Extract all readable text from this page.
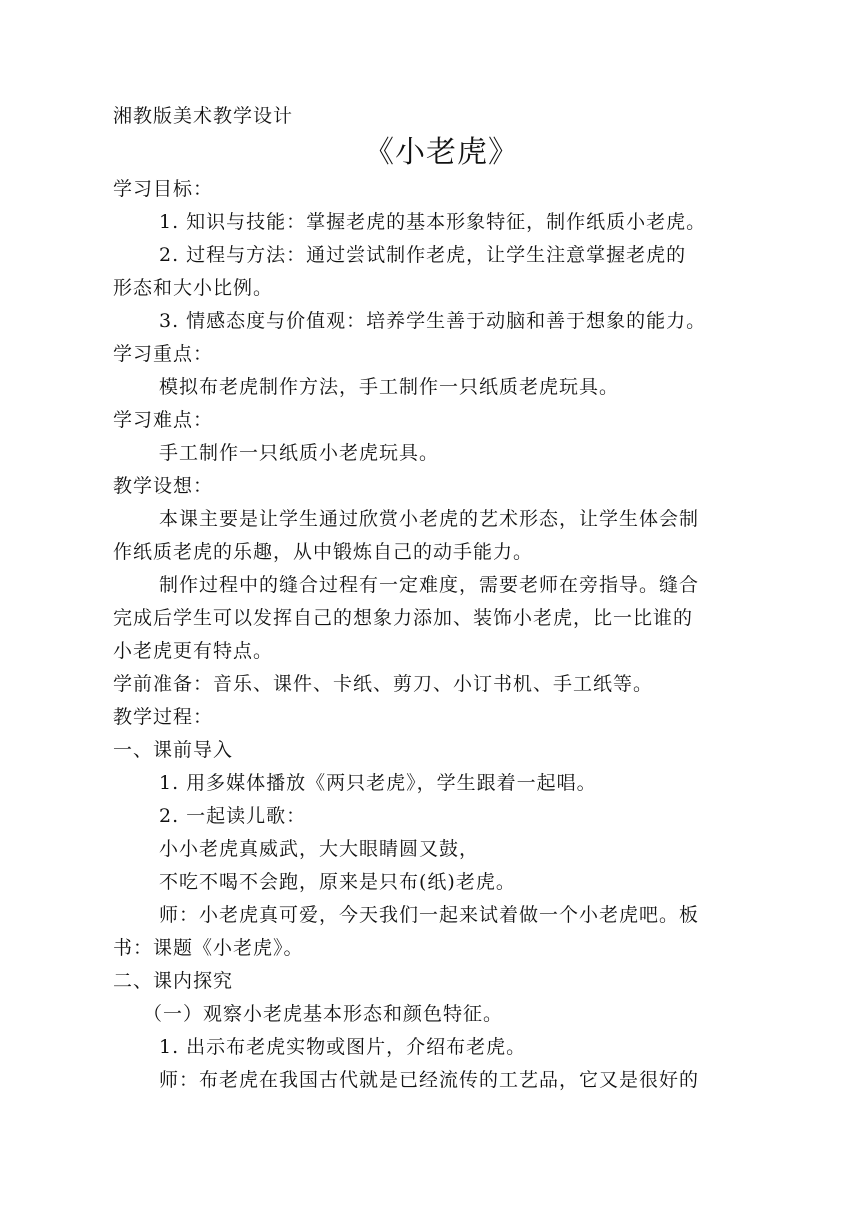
湘教版美术教学设计
《小老虎》
学习目标：
1. 知识与技能：掌握老虎的基本形象特征，制作纸质小老虎。
2. 过程与方法：通过尝试制作老虎，让学生注意掌握老虎的
形态和大小比例。
3. 情感态度与价值观：培养学生善于动脑和善于想象的能力。
学习重点：
模拟布老虎制作方法，手工制作一只纸质老虎玩具。
学习难点：
手工制作一只纸质小老虎玩具。
教学设想：
本课主要是让学生通过欣赏小老虎的艺术形态，让学生体会制
作纸质老虎的乐趣，从中锻炼自己的动手能力。
制作过程中的缝合过程有一定难度，需要老师在旁指导。缝合
完成后学生可以发挥自己的想象力添加、装饰小老虎，比一比谁的
小老虎更有特点。
学前准备：音乐、课件、卡纸、剪刀、小订书机、手工纸等。
教学过程：
一、课前导入
1. 用多媒体播放《两只老虎》，学生跟着一起唱。
2. 一起读儿歌：
小小老虎真威武，大大眼睛圆又鼓，
不吃不喝不会跑，原来是只布(纸)老虎。
师：小老虎真可爱，今天我们一起来试着做一个小老虎吧。板
书：课题《小老虎》。
二、课内探究
（一）观察小老虎基本形态和颜色特征。
1. 出示布老虎实物或图片，介绍布老虎。
师：布老虎在我国古代就是已经流传的工艺品，它又是很好的
